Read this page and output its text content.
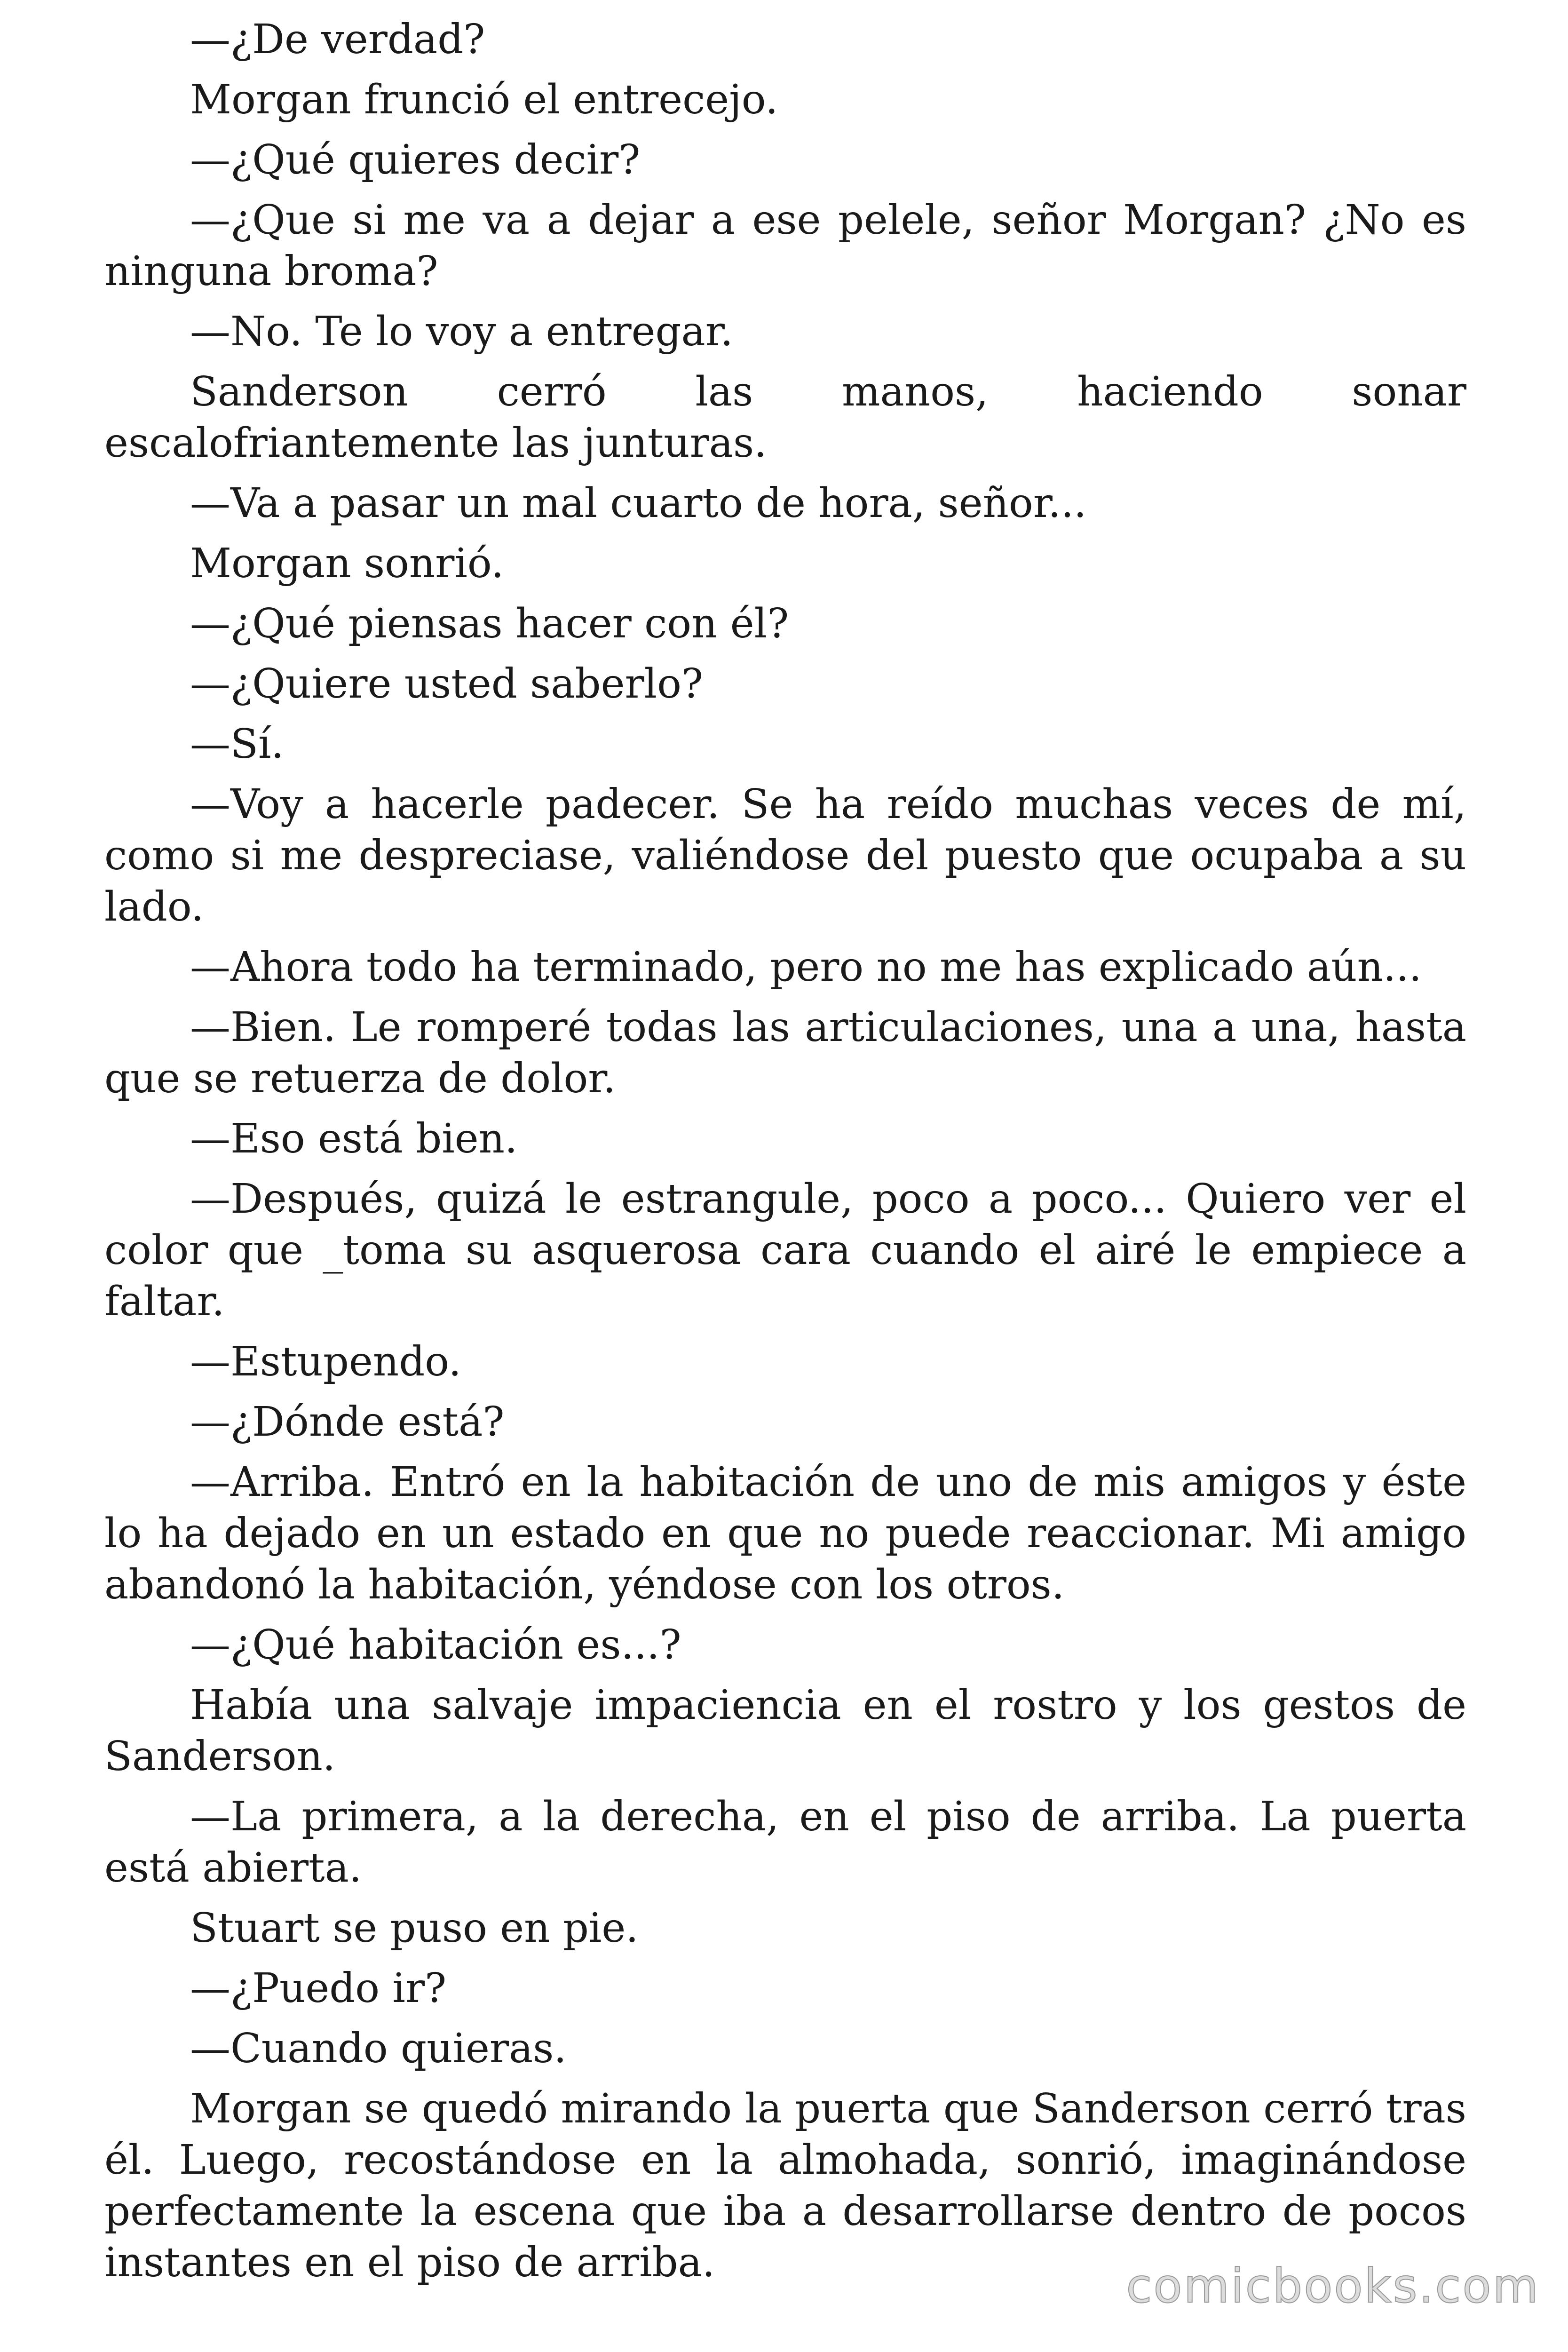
—¿De verdad?

Morgan frunció el entrecejo.

—¿Qué quieres decir?

—¿Que si me va a dejar a ese pelele, señor Morgan? ¿No es ninguna broma?

—No. Te lo voy a entregar.

Sanderson cerró las manos, haciendo sonar escalofriantemente las junturas.

—Va a pasar un mal cuarto de hora, señor...

Morgan sonrió.

—¿Qué piensas hacer con él?

—¿Quiere usted saberlo?

—Sí.

—Voy a hacerle padecer. Se ha reído muchas veces de mí, como si me despreciase, valiéndose del puesto que ocupaba a su lado.

—Ahora todo ha terminado, pero no me has explicado aún...

—Bien. Le romperé todas las articulaciones, una a una, hasta que se retuerza de dolor.

—Eso está bien.

—Después, quizá le estrangule, poco a poco... Quiero ver el color que _toma su asquerosa cara cuando el airé le empiece a faltar.

—Estupendo.

—¿Dónde está?

—Arriba. Entró en la habitación de uno de mis amigos y éste lo ha dejado en un estado en que no puede reaccionar. Mi amigo abandonó la habitación, yéndose con los otros.

—¿Qué habitación es...?

Había una salvaje impaciencia en el rostro y los gestos de Sanderson.

—La primera, a la derecha, en el piso de arriba. La puerta está abierta.

Stuart se puso en pie.

—¿Puedo ir?

—Cuando quieras.

Morgan se quedó mirando la puerta que Sanderson cerró tras él. Luego, recostándose en la almohada, sonrió, imaginándose perfectamente la escena que iba a desarrollarse dentro de pocos instantes en el piso de arriba.	comicbooks.com
